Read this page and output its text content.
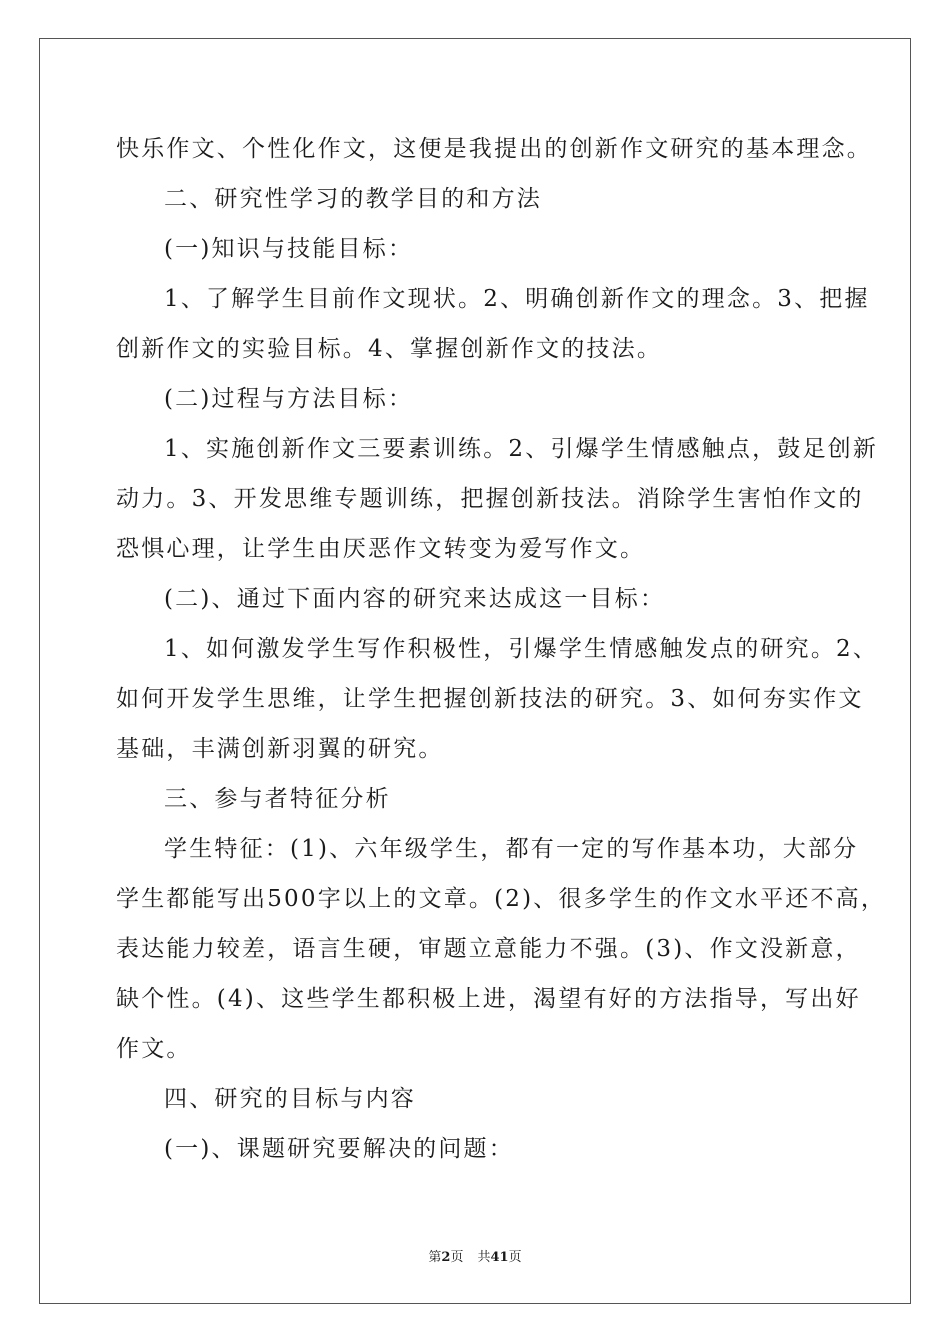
快乐作文、个性化作文，这便是我提出的创新作文研究的基本理念。
二、研究性学习的教学目的和方法
(一)知识与技能目标：
1、了解学生目前作文现状。2、明确创新作文的理念。3、把握
创新作文的实验目标。4、掌握创新作文的技法。
(二)过程与方法目标：
1、实施创新作文三要素训练。2、引爆学生情感触点，鼓足创新
动力。3、开发思维专题训练，把握创新技法。消除学生害怕作文的
恐惧心理，让学生由厌恶作文转变为爱写作文。
(二)、通过下面内容的研究来达成这一目标：
1、如何激发学生写作积极性，引爆学生情感触发点的研究。2、
如何开发学生思维，让学生把握创新技法的研究。3、如何夯实作文
基础，丰满创新羽翼的研究。
三、参与者特征分析
学生特征：(1)、六年级学生，都有一定的写作基本功，大部分
学生都能写出500字以上的文章。(2)、很多学生的作文水平还不高，
表达能力较差，语言生硬，审题立意能力不强。(3)、作文没新意，
缺个性。(4)、这些学生都积极上进，渴望有好的方法指导，写出好
作文。
四、研究的目标与内容
(一)、课题研究要解决的问题：
第2页 共41页
